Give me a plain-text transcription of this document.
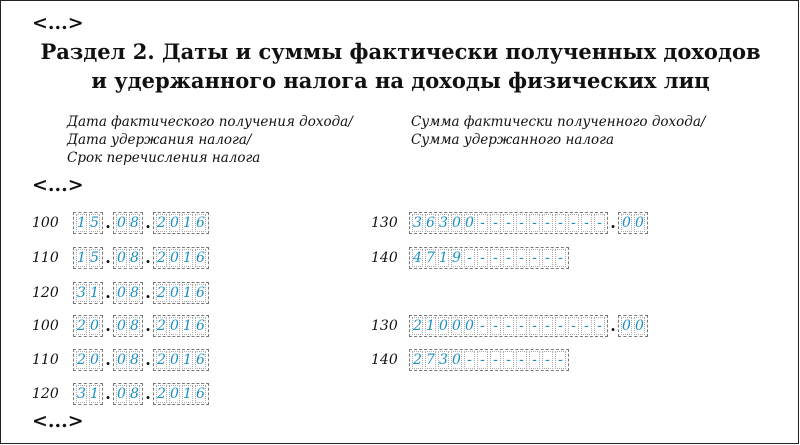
<...>
Раздел 2. Даты и суммы фактически полученных доходов
и удержанного налога на доходы физических лиц
Дата фактического получения дохода/
Дата удержания налога/
Срок перечисления налога
Сумма фактически полученного дохода/
Сумма удержанного налога
<...>
100 1 5 . 0 8 . 2 0 1 6	130 3 6 3 0 0 - - - - - - - - - - . 0 0
110 1 5 . 0 8 . 2 0 1 6	140 4 7 1 9 - - - - - - - -
120 3 1 . 0 8 . 2 0 1 6
100 2 0 . 0 8 . 2 0 1 6	130 2 1 0 0 0 - - - - - - - - - - . 0 0
110 2 0 . 0 8 . 2 0 1 6	140 2 7 3 0 - - - - - - - -
120 3 1 . 0 8 . 2 0 1 6
<...>
